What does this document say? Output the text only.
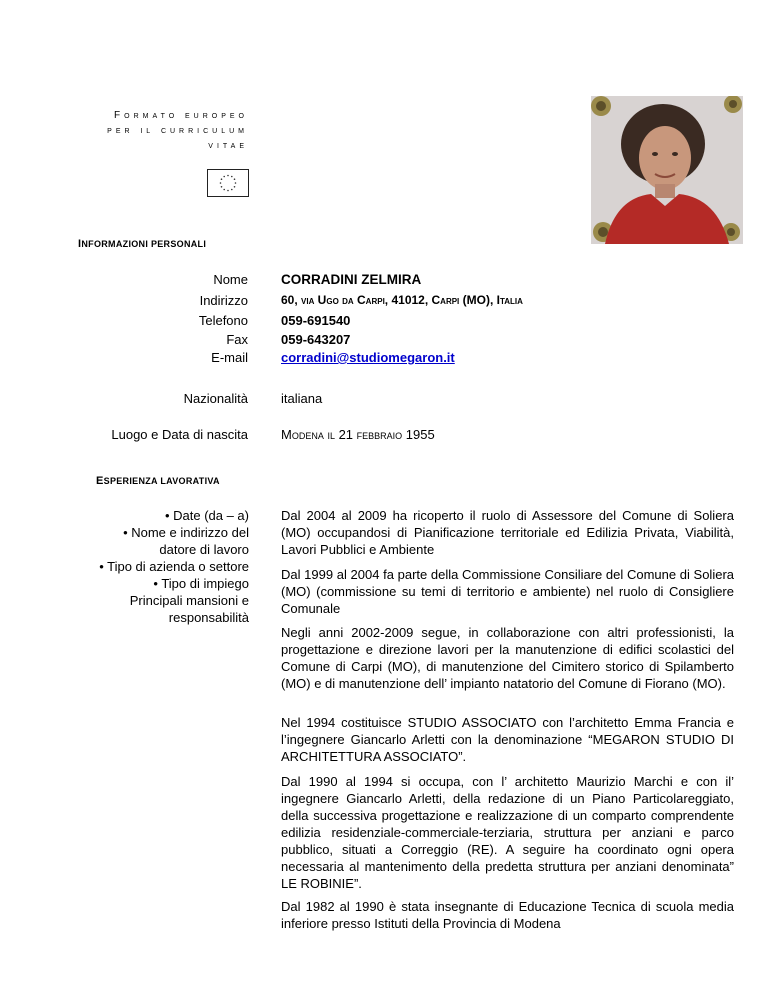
Formato europeo
per il curriculum
vitae
INFORMAZIONI PERSONALI
Nome CORRADINI ZELMIRA
Indirizzo	60, via Ugo da Carpi, 41012, Carpi (MO), Italia
Telefono	059-691540
Fax	059-643207
E-mail	corradini@studiomegaron.it
Nazionalità	italiana
Luogo e Data di nascita	Modena il 21 febbraio 1955
ESPERIENZA LAVORATIVA
• Date (da – a)
• Nome e indirizzo del
datore di lavoro
• Tipo di azienda o settore
• Tipo di impiego
Principali mansioni e
responsabilità
Dal 2004 al 2009 ha ricoperto il ruolo di Assessore del Comune di Soliera (MO) occupandosi di Pianificazione territoriale ed Edilizia Privata, Viabilità, Lavori Pubblici e Ambiente
Dal 1999 al 2004 fa parte della Commissione Consiliare del Comune di Soliera (MO) (commissione su temi di territorio e ambiente) nel ruolo di Consigliere Comunale
Negli anni 2002-2009 segue, in collaborazione con altri professionisti, la progettazione e direzione lavori per la manutenzione di edifici scolastici del Comune di Carpi (MO), di manutenzione del Cimitero storico di Spilamberto (MO) e di manutenzione dell’ impianto natatorio del Comune di Fiorano (MO).
Nel 1994 costituisce STUDIO ASSOCIATO con l’architetto Emma Francia e l’ingegnere Giancarlo Arletti con la denominazione “MEGARON STUDIO DI ARCHITETTURA ASSOCIATO”.
Dal 1990 al 1994 si occupa, con l’ architetto Maurizio Marchi e con il’ ingegnere Giancarlo Arletti, della redazione di un Piano Particolareggiato, della successiva progettazione e realizzazione di un comparto comprendente edilizia residenziale-commerciale-terziaria, struttura per anziani e parco pubblico, situati a Correggio (RE). A seguire ha coordinato ogni opera necessaria al mantenimento della predetta struttura per anziani denominata” LE ROBINIE”.
Dal 1982 al 1990 è stata insegnante di Educazione Tecnica di scuola media inferiore presso Istituti della Provincia di Modena
